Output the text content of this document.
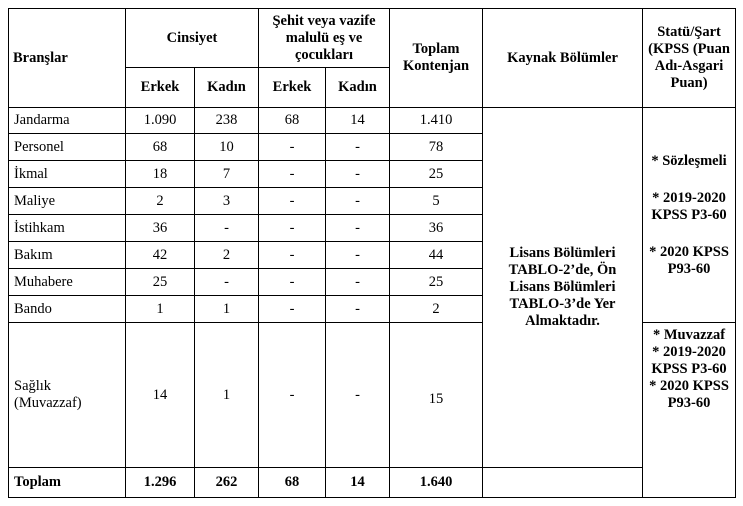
Branşlar	Cinsiyet		Şehit veya vazife malulü eş ve çocukları		Toplam Kontenjan	Kaynak Bölümler	Statü/Şart (KPSS (Puan Adı-Asgari Puan)
	Erkek	Kadın	Erkek	Kadın			
Jandarma	1.090	238	68	14	1.410	Lisans Bölümleri TABLO-2’de, Ön Lisans Bölümleri TABLO-3’de Yer Almaktadır.	* Sözleşmeli
* 2019-2020 KPSS P3-60
* 2020 KPSS P93-60

Personel	68	10	-	-	78		
İkmal	18	7	-	-	25		
Maliye	2	3	-	-	5		
İstihkam	36	-	-	-	36		
Bakım	42	2	-	-	44		
Muhabere	25	-	-	-	25		
Bando	1	1	-	-	2		
Sağlık (Muvazzaf)	14	1	-	-	15		* Muvazzaf
* 2019-2020 KPSS P3-60
* 2020 KPSS P93-60

Toplam	1.296	262	68	14	1.640		
